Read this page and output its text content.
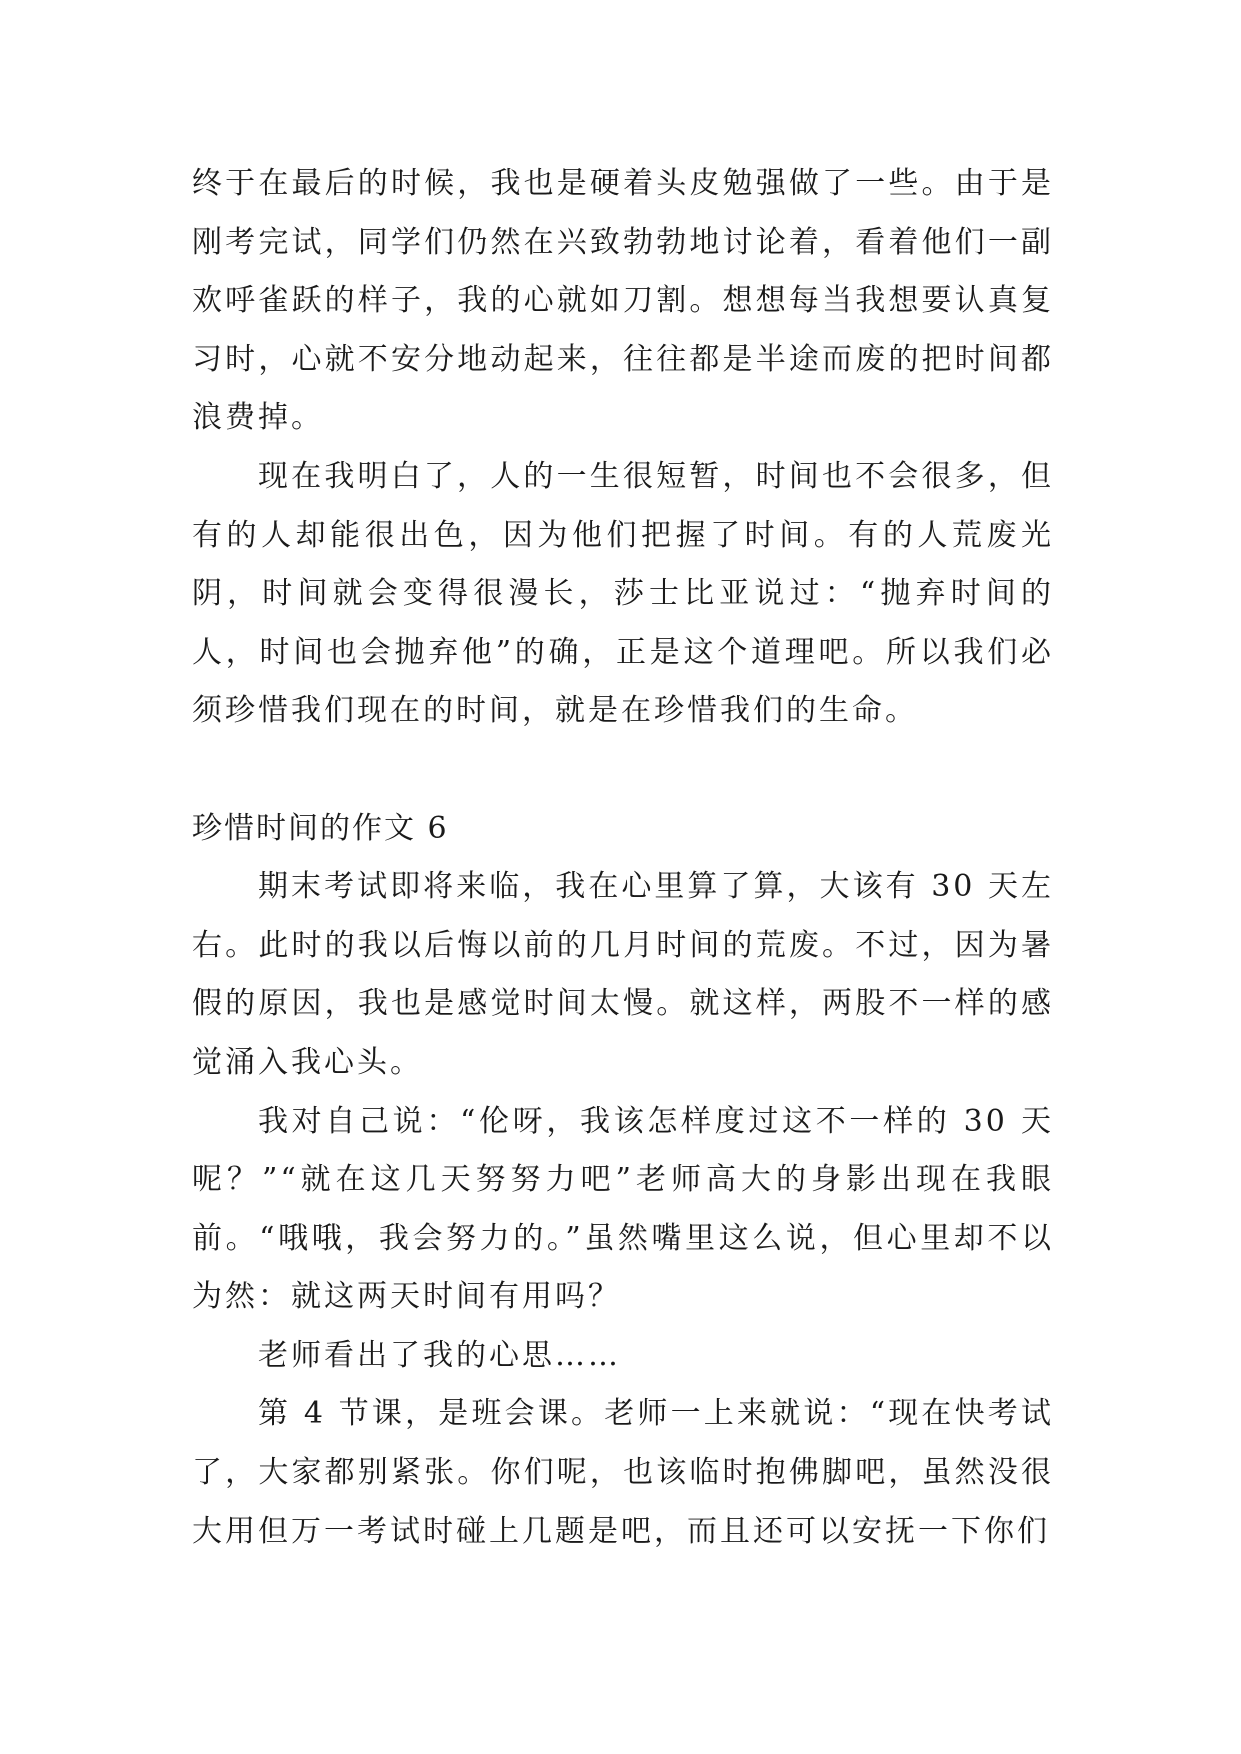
终于在最后的时候，我也是硬着头皮勉强做了一些。由于是刚考完试，同学们仍然在兴致勃勃地讨论着，看着他们一副欢呼雀跃的样子，我的心就如刀割。想想每当我想要认真复习时，心就不安分地动起来，往往都是半途而废的把时间都浪费掉。

现在我明白了，人的一生很短暂，时间也不会很多，但有的人却能很出色，因为他们把握了时间。有的人荒废光阴，时间就会变得很漫长，莎士比亚说过：“抛弃时间的人，时间也会抛弃他”的确，正是这个道理吧。所以我们必须珍惜我们现在的时间，就是在珍惜我们的生命。

珍惜时间的作文 6

期末考试即将来临，我在心里算了算，大该有 30 天左右。此时的我以后悔以前的几月时间的荒废。不过，因为暑假的原因，我也是感觉时间太慢。就这样，两股不一样的感觉涌入我心头。

我对自己说：“伦呀，我该怎样度过这不一样的 30 天呢？”“就在这几天努努力吧”老师高大的身影出现在我眼前。“哦哦，我会努力的。”虽然嘴里这么说，但心里却不以为然：就这两天时间有用吗？

老师看出了我的心思……

第 4 节课，是班会课。老师一上来就说：“现在快考试了，大家都别紧张。你们呢，也该临时抱佛脚吧，虽然没很大用但万一考试时碰上几题是吧，而且还可以安抚一下你们
